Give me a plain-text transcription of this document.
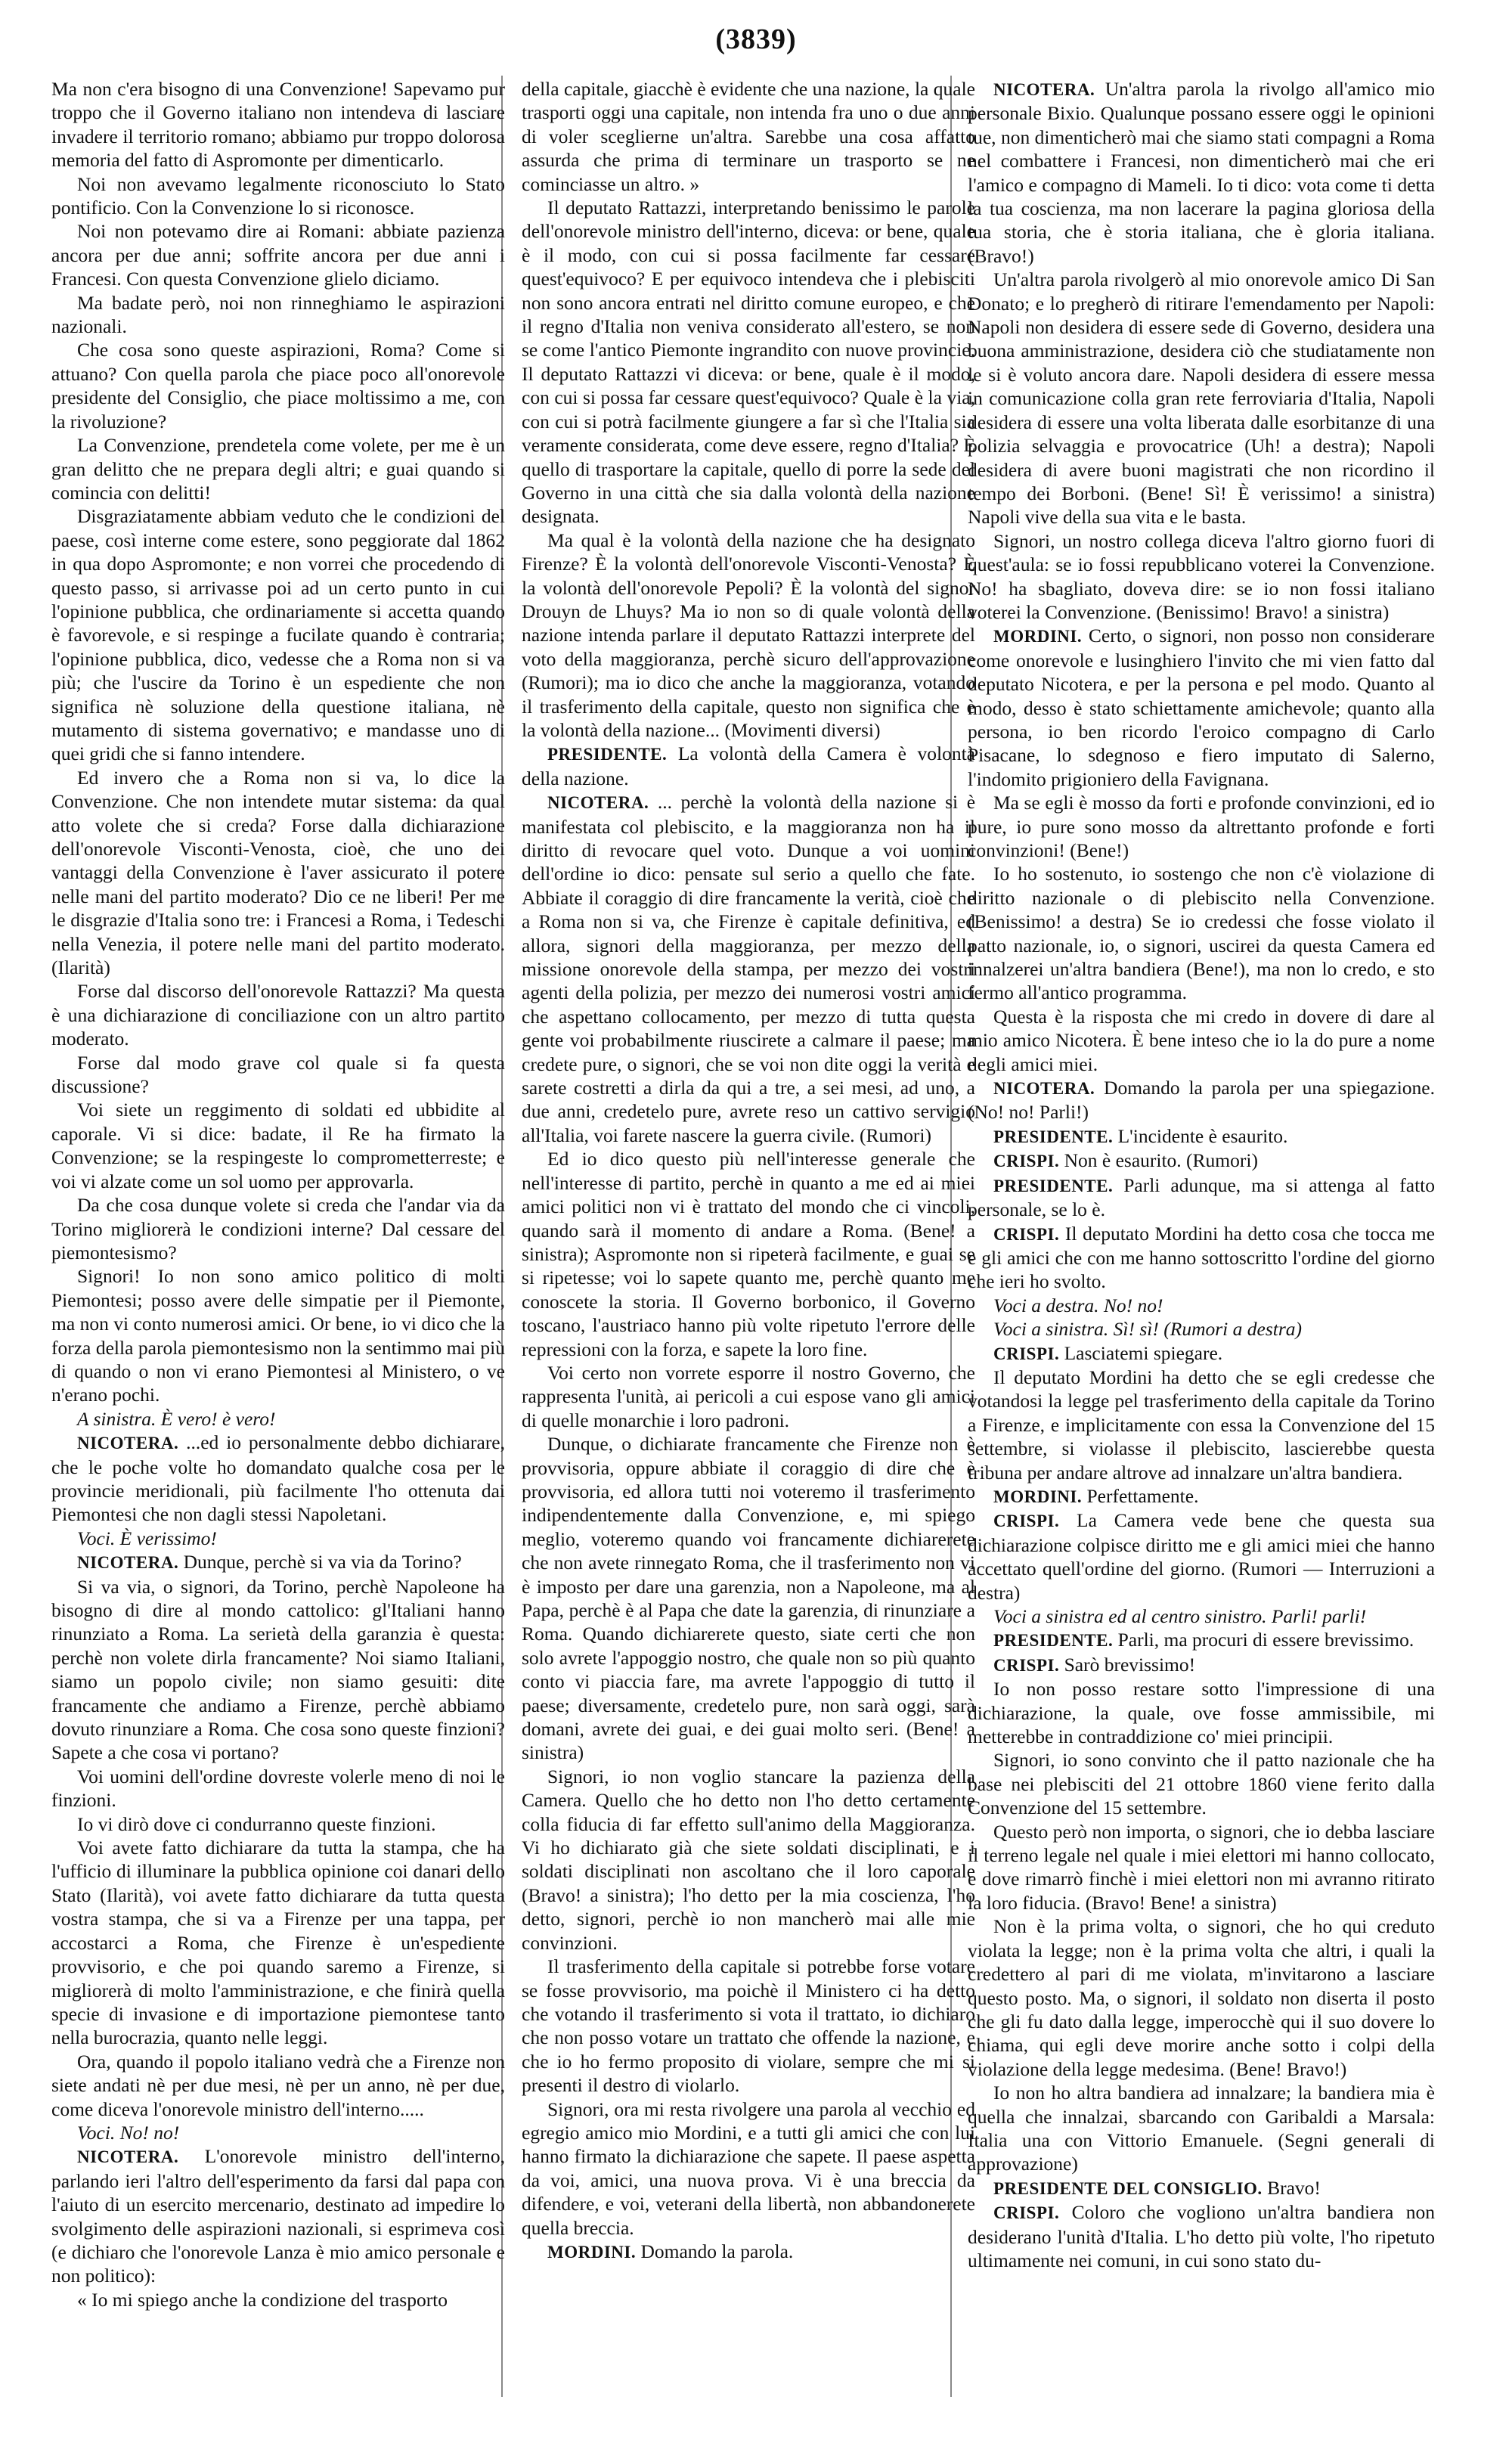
(3839)

Ma non c'era bisogno di una Convenzione! Sapevamo pur troppo che il Governo italiano non intendeva di lasciare invadere il territorio romano; abbiamo pur troppo dolorosa memoria del fatto di Aspromonte per dimenticarlo.

Noi non avevamo legalmente riconosciuto lo Stato pontificio. Con la Convenzione lo si riconosce.

Noi non potevamo dire ai Romani: abbiate pazienza ancora per due anni; soffrite ancora per due anni i Francesi. Con questa Convenzione glielo diciamo.

Ma badate però, noi non rinneghiamo le aspirazioni nazionali.

Che cosa sono queste aspirazioni, Roma? Come si attuano? Con quella parola che piace poco all'onorevole presidente del Consiglio, che piace moltissimo a me, con la rivoluzione?

La Convenzione, prendetela come volete, per me è un gran delitto che ne prepara degli altri; e guai quando si comincia con delitti!

Disgraziatamente abbiam veduto che le condizioni del paese, così interne come estere, sono peggiorate dal 1862 in qua dopo Aspromonte; e non vorrei che procedendo di questo passo, si arrivasse poi ad un certo punto in cui l'opinione pubblica, che ordinariamente si accetta quando è favorevole, e si respinge a fucilate quando è contraria; l'opinione pubblica, dico, vedesse che a Roma non si va più; che l'uscire da Torino è un espediente che non significa nè soluzione della questione italiana, nè mutamento di sistema governativo; e mandasse uno di quei gridi che si fanno intendere.

Ed invero che a Roma non si va, lo dice la Convenzione. Che non intendete mutar sistema: da qual atto volete che si creda? Forse dalla dichiarazione dell'onorevole Visconti-Venosta, cioè, che uno dei vantaggi della Convenzione è l'aver assicurato il potere nelle mani del partito moderato? Dio ce ne liberi! Per me le disgrazie d'Italia sono tre: i Francesi a Roma, i Tedeschi nella Venezia, il potere nelle mani del partito moderato. (Ilarità)

Forse dal discorso dell'onorevole Rattazzi? Ma questa è una dichiarazione di conciliazione con un altro partito moderato.

Forse dal modo grave col quale si fa questa discussione?

Voi siete un reggimento di soldati ed ubbidite al caporale. Vi si dice: badate, il Re ha firmato la Convenzione; se la respingeste lo comprometterreste; e voi vi alzate come un sol uomo per approvarla.

Da che cosa dunque volete si creda che l'andar via da Torino migliorerà le condizioni interne? Dal cessare del piemontesismo?

Signori! Io non sono amico politico di molti Piemontesi; posso avere delle simpatie per il Piemonte, ma non vi conto numerosi amici. Or bene, io vi dico che la forza della parola piemontesismo non la sentimmo mai più di quando o non vi erano Piemontesi al Ministero, o ve n'erano pochi.

A sinistra. È vero! è vero!

NICOTERA. ...ed io personalmente debbo dichiarare, che le poche volte ho domandato qualche cosa per le provincie meridionali, più facilmente l'ho ottenuta dai Piemontesi che non dagli stessi Napoletani.

Voci. È verissimo!

NICOTERA. Dunque, perchè si va via da Torino?

Si va via, o signori, da Torino, perchè Napoleone ha bisogno di dire al mondo cattolico: gl'Italiani hanno rinunziato a Roma. La serietà della garanzia è questa: perchè non volete dirla francamente? Noi siamo Italiani, siamo un popolo civile; non siamo gesuiti: dite francamente che andiamo a Firenze, perchè abbiamo dovuto rinunziare a Roma. Che cosa sono queste finzioni? Sapete a che cosa vi portano?

Voi uomini dell'ordine dovreste volerle meno di noi le finzioni.

Io vi dirò dove ci condurranno queste finzioni.

Voi avete fatto dichiarare da tutta la stampa, che ha l'ufficio di illuminare la pubblica opinione coi danari dello Stato (Ilarità), voi avete fatto dichiarare da tutta questa vostra stampa, che si va a Firenze per una tappa, per accostarci a Roma, che Firenze è un'espediente provvisorio, e che poi quando saremo a Firenze, si migliorerà di molto l'amministrazione, e che finirà quella specie di invasione e di importazione piemontese tanto nella burocrazia, quanto nelle leggi.

Ora, quando il popolo italiano vedrà che a Firenze non siete andati nè per due mesi, nè per un anno, nè per due, come diceva l'onorevole ministro dell'interno.....

Voci. No! no!

NICOTERA. L'onorevole ministro dell'interno, parlando ieri l'altro dell'esperimento da farsi dal papa con l'aiuto di un esercito mercenario, destinato ad impedire lo svolgimento delle aspirazioni nazionali, si esprimeva così (e dichiaro che l'onorevole Lanza è mio amico personale e non politico):

« Io mi spiego anche la condizione del trasporto

della capitale, giacchè è evidente che una nazione, la quale trasporti oggi una capitale, non intenda fra uno o due anni di voler sceglierne un'altra. Sarebbe una cosa affatto assurda che prima di terminare un trasporto se ne cominciasse un altro. »

Il deputato Rattazzi, interpretando benissimo le parole dell'onorevole ministro dell'interno, diceva: or bene, quale è il modo, con cui si possa facilmente far cessare quest'equivoco? E per equivoco intendeva che i plebisciti non sono ancora entrati nel diritto comune europeo, e che il regno d'Italia non veniva considerato all'estero, se non se come l'antico Piemonte ingrandito con nuove provincie. Il deputato Rattazzi vi diceva: or bene, quale è il modo, con cui si possa far cessare quest'equivoco? Quale è la via, con cui si potrà facilmente giungere a far sì che l'Italia sia veramente considerata, come deve essere, regno d'Italia? È quello di trasportare la capitale, quello di porre la sede del Governo in una città che sia dalla volontà della nazione designata.

Ma qual è la volontà della nazione che ha designato Firenze? È la volontà dell'onorevole Visconti-Venosta? È la volontà dell'onorevole Pepoli? È la volontà del signor Drouyn de Lhuys? Ma io non so di quale volontà della nazione intenda parlare il deputato Rattazzi interprete del voto della maggioranza, perchè sicuro dell'approvazione (Rumori); ma io dico che anche la maggioranza, votando il trasferimento della capitale, questo non significa che è la volontà della nazione... (Movimenti diversi)

PRESIDENTE. La volontà della Camera è volontà della nazione.

NICOTERA. ... perchè la volontà della nazione si è manifestata col plebiscito, e la maggioranza non ha il diritto di revocare quel voto. Dunque a voi uomini dell'ordine io dico: pensate sul serio a quello che fate. Abbiate il coraggio di dire francamente la verità, cioè che a Roma non si va, che Firenze è capitale definitiva, ed allora, signori della maggioranza, per mezzo della missione onorevole della stampa, per mezzo dei vostri agenti della polizia, per mezzo dei numerosi vostri amici che aspettano collocamento, per mezzo di tutta questa gente voi probabilmente riuscirete a calmare il paese; ma credete pure, o signori, che se voi non dite oggi la verità e sarete costretti a dirla da qui a tre, a sei mesi, ad uno, a due anni, credetelo pure, avrete reso un cattivo servigio all'Italia, voi farete nascere la guerra civile. (Rumori)

Ed io dico questo più nell'interesse generale che nell'interesse di partito, perchè in quanto a me ed ai miei amici politici non vi è trattato del mondo che ci vincoli, quando sarà il momento di andare a Roma. (Bene! a sinistra); Aspromonte non si ripeterà facilmente, e guai se si ripetesse; voi lo sapete quanto me, perchè quanto me conoscete la storia. Il Governo borbonico, il Governo toscano, l'austriaco hanno più volte ripetuto l'errore delle repressioni con la forza, e sapete la loro fine.

Voi certo non vorrete esporre il nostro Governo, che rappresenta l'unità, ai pericoli a cui espose vano gli amici di quelle monarchie i loro padroni.

Dunque, o dichiarate francamente che Firenze non è provvisoria, oppure abbiate il coraggio di dire che è provvisoria, ed allora tutti noi voteremo il trasferimento indipendentemente dalla Convenzione, e, mi spiego meglio, voteremo quando voi francamente dichiarerete che non avete rinnegato Roma, che il trasferimento non vi è imposto per dare una garenzia, non a Napoleone, ma al Papa, perchè è al Papa che date la garenzia, di rinunziare a Roma. Quando dichiarerete questo, siate certi che non solo avrete l'appoggio nostro, che quale non so più quanto conto vi piaccia fare, ma avrete l'appoggio di tutto il paese; diversamente, credetelo pure, non sarà oggi, sarà domani, avrete dei guai, e dei guai molto seri. (Bene! a sinistra)

Signori, io non voglio stancare la pazienza della Camera. Quello che ho detto non l'ho detto certamente colla fiducia di far effetto sull'animo della Maggioranza. Vi ho dichiarato già che siete soldati disciplinati, e i soldati disciplinati non ascoltano che il loro caporale (Bravo! a sinistra); l'ho detto per la mia coscienza, l'ho detto, signori, perchè io non mancherò mai alle mie convinzioni.

Il trasferimento della capitale si potrebbe forse votare se fosse provvisorio, ma poichè il Ministero ci ha detto che votando il trasferimento si vota il trattato, io dichiaro che non posso votare un trattato che offende la nazione, e che io ho fermo proposito di violare, sempre che mi si presenti il destro di violarlo.

Signori, ora mi resta rivolgere una parola al vecchio ed egregio amico mio Mordini, e a tutti gli amici che con lui hanno firmato la dichiarazione che sapete. Il paese aspetta da voi, amici, una nuova prova. Vi è una breccia da difendere, e voi, veterani della libertà, non abbandonerete quella breccia.

MORDINI. Domando la parola.

NICOTERA. Un'altra parola la rivolgo all'amico mio personale Bixio. Qualunque possano essere oggi le opinioni tue, non dimenticherò mai che siamo stati compagni a Roma nel combattere i Francesi, non dimenticherò mai che eri l'amico e compagno di Mameli. Io ti dico: vota come ti detta la tua coscienza, ma non lacerare la pagina gloriosa della tua storia, che è storia italiana, che è gloria italiana. (Bravo!)

Un'altra parola rivolgerò al mio onorevole amico Di San Donato; e lo pregherò di ritirare l'emendamento per Napoli: Napoli non desidera di essere sede di Governo, desidera una buona amministrazione, desidera ciò che studiatamente non le si è voluto ancora dare. Napoli desidera di essere messa in comunicazione colla gran rete ferroviaria d'Italia, Napoli desidera di essere una volta liberata dalle esorbitanze di una polizia selvaggia e provocatrice (Uh! a destra); Napoli desidera di avere buoni magistrati che non ricordino il tempo dei Borboni. (Bene! Sì! È verissimo! a sinistra) Napoli vive della sua vita e le basta.

Signori, un nostro collega diceva l'altro giorno fuori di quest'aula: se io fossi repubblicano voterei la Convenzione. No! ha sbagliato, doveva dire: se io non fossi italiano voterei la Convenzione. (Benissimo! Bravo! a sinistra)

MORDINI. Certo, o signori, non posso non considerare come onorevole e lusinghiero l'invito che mi vien fatto dal deputato Nicotera, e per la persona e pel modo. Quanto al modo, desso è stato schiettamente amichevole; quanto alla persona, io ben ricordo l'eroico compagno di Carlo Pisacane, lo sdegnoso e fiero imputato di Salerno, l'indomito prigioniero della Favignana.

Ma se egli è mosso da forti e profonde convinzioni, ed io pure, io pure sono mosso da altrettanto profonde e forti convinzioni! (Bene!)

Io ho sostenuto, io sostengo che non c'è violazione di diritto nazionale o di plebiscito nella Convenzione. (Benissimo! a destra) Se io credessi che fosse violato il patto nazionale, io, o signori, uscirei da questa Camera ed innalzerei un'altra bandiera (Bene!), ma non lo credo, e sto fermo all'antico programma.

Questa è la risposta che mi credo in dovere di dare al mio amico Nicotera. È bene inteso che io la do pure a nome degli amici miei.

NICOTERA. Domando la parola per una spiegazione. (No! no! Parli!)

PRESIDENTE. L'incidente è esaurito.

CRISPI. Non è esaurito. (Rumori)

PRESIDENTE. Parli adunque, ma si attenga al fatto personale, se lo è.

CRISPI. Il deputato Mordini ha detto cosa che tocca me e gli amici che con me hanno sottoscritto l'ordine del giorno che ieri ho svolto.

Voci a destra. No! no!

Voci a sinistra. Sì! sì! (Rumori a destra)

CRISPI. Lasciatemi spiegare.

Il deputato Mordini ha detto che se egli credesse che votandosi la legge pel trasferimento della capitale da Torino a Firenze, e implicitamente con essa la Convenzione del 15 settembre, si violasse il plebiscito, lascierebbe questa tribuna per andare altrove ad innalzare un'altra bandiera.

MORDINI. Perfettamente.

CRISPI. La Camera vede bene che questa sua dichiarazione colpisce diritto me e gli amici miei che hanno accettato quell'ordine del giorno. (Rumori — Interruzioni a destra)

Voci a sinistra ed al centro sinistro. Parli! parli!

PRESIDENTE. Parli, ma procuri di essere brevissimo.

CRISPI. Sarò brevissimo!

Io non posso restare sotto l'impressione di una dichiarazione, la quale, ove fosse ammissibile, mi metterebbe in contraddizione co' miei principii.

Signori, io sono convinto che il patto nazionale che ha base nei plebisciti del 21 ottobre 1860 viene ferito dalla Convenzione del 15 settembre.

Questo però non importa, o signori, che io debba lasciare il terreno legale nel quale i miei elettori mi hanno collocato, e dove rimarrò finchè i miei elettori non mi avranno ritirato la loro fiducia. (Bravo! Bene! a sinistra)

Non è la prima volta, o signori, che ho qui creduto violata la legge; non è la prima volta che altri, i quali la credettero al pari di me violata, m'invitarono a lasciare questo posto. Ma, o signori, il soldato non diserta il posto che gli fu dato dalla legge, imperocchè qui il suo dovere lo chiama, qui egli deve morire anche sotto i colpi della violazione della legge medesima. (Bene! Bravo!)

Io non ho altra bandiera ad innalzare; la bandiera mia è quella che innalzai, sbarcando con Garibaldi a Marsala: Italia una con Vittorio Emanuele. (Segni generali di approvazione)

PRESIDENTE DEL CONSIGLIO. Bravo!

CRISPI. Coloro che vogliono un'altra bandiera non desiderano l'unità d'Italia. L'ho detto più volte, l'ho ripetuto ultimamente nei comuni, in cui sono stato du-
